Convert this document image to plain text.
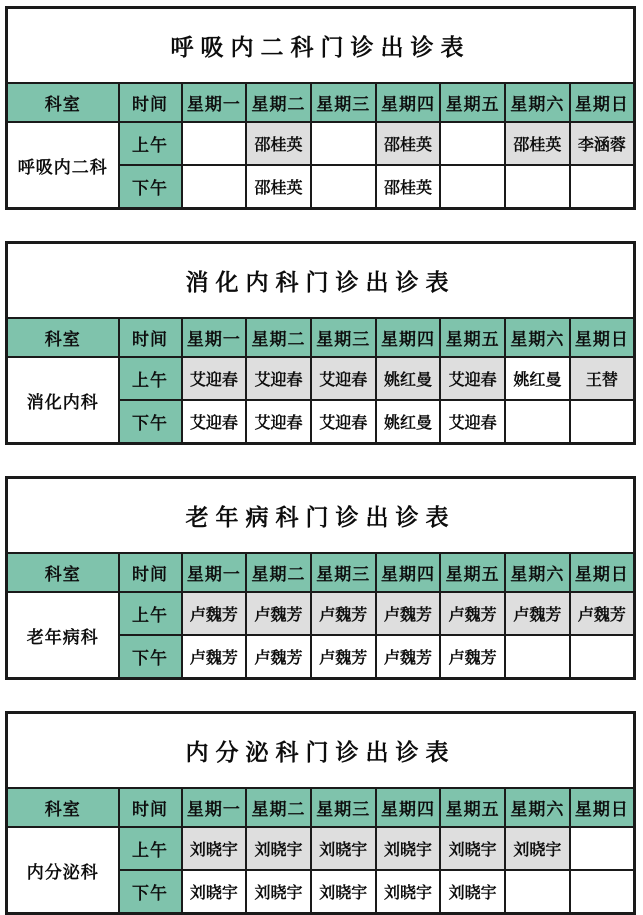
呼吸内二科门诊出诊表								
科室	时间	星期一	星期二	星期三	星期四	星期五	星期六	星期日
呼吸内二科	上午		邵桂英		邵桂英		邵桂英	李涵蓉
	下午		邵桂英		邵桂英			
消化内科门诊出诊表								
科室	时间	星期一	星期二	星期三	星期四	星期五	星期六	星期日
消化内科	上午	艾迎春	艾迎春	艾迎春	姚红曼	艾迎春	姚红曼	王替
	下午	艾迎春	艾迎春	艾迎春	姚红曼	艾迎春		
老年病科门诊出诊表								
科室	时间	星期一	星期二	星期三	星期四	星期五	星期六	星期日
老年病科	上午	卢魏芳	卢魏芳	卢魏芳	卢魏芳	卢魏芳	卢魏芳	卢魏芳
	下午	卢魏芳	卢魏芳	卢魏芳	卢魏芳	卢魏芳		
内分泌科门诊出诊表								
科室	时间	星期一	星期二	星期三	星期四	星期五	星期六	星期日
内分泌科	上午	刘晓宇	刘晓宇	刘晓宇	刘晓宇	刘晓宇	刘晓宇	
	下午	刘晓宇	刘晓宇	刘晓宇	刘晓宇	刘晓宇		
